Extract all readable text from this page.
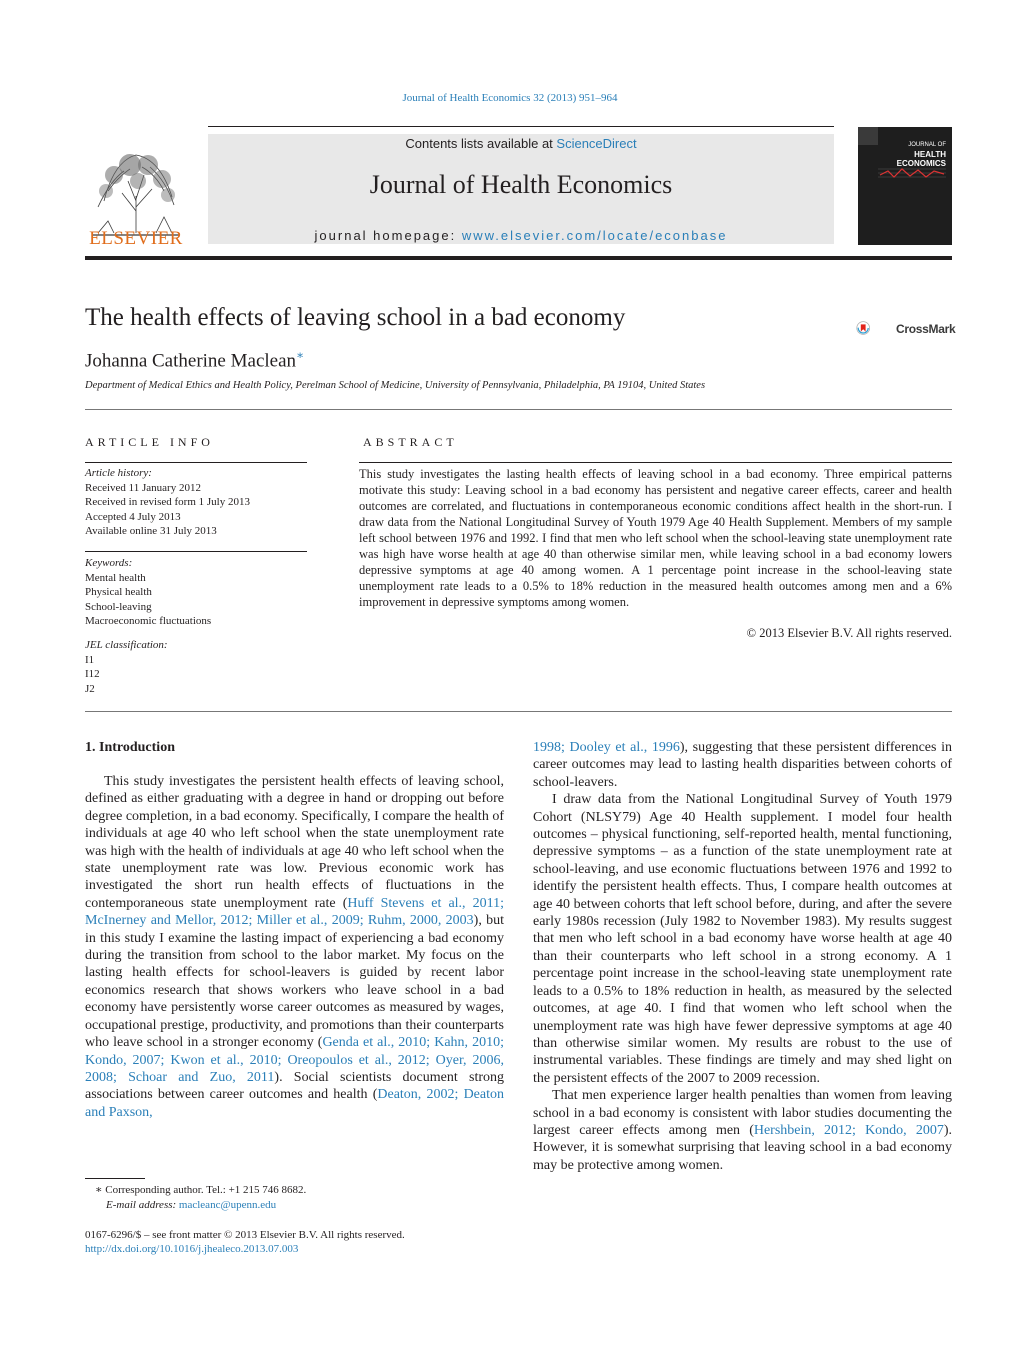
Journal of Health Economics 32 (2013) 951–964
ELSEVIER
Contents lists available at ScienceDirect
Journal of Health Economics
journal homepage: www.elsevier.com/locate/econbase
JOURNAL OF
HEALTH
ECONOMICS
The health effects of leaving school in a bad economy	CrossMark
Johanna Catherine Maclean∗
Department of Medical Ethics and Health Policy, Perelman School of Medicine, University of Pennsylvania, Philadelphia, PA 19104, United States
ARTICLE INFO
Article history:
Received 11 January 2012
Received in revised form 1 July 2013
Accepted 4 July 2013
Available online 31 July 2013
Keywords:
Mental health
Physical health
School-leaving
Macroeconomic fluctuations
JEL classification:
I1
I12
J2
ABSTRACT
This study investigates the lasting health effects of leaving school in a bad economy. Three empirical patterns motivate this study: Leaving school in a bad economy has persistent and negative career effects, career and health outcomes are correlated, and fluctuations in contemporaneous economic conditions affect health in the short-run. I draw data from the National Longitudinal Survey of Youth 1979 Age 40 Health Supplement. Members of my sample left school between 1976 and 1992. I find that men who left school when the school-leaving state unemployment rate was high have worse health at age 40 than otherwise similar men, while leaving school in a bad economy lowers depressive symptoms at age 40 among women. A 1 percentage point increase in the school-leaving state unemployment rate leads to a 0.5% to 18% reduction in the measured health outcomes among men and a 6% improvement in depressive symptoms among women.
© 2013 Elsevier B.V. All rights reserved.
1. Introduction

This study investigates the persistent health effects of leaving school, defined as either graduating with a degree in hand or dropping out before degree completion, in a bad economy. Specifically, I compare the health of individuals at age 40 who left school when the state unemployment rate was high with the health of individuals at age 40 who left school when the state unemployment rate was low. Previous economic work has investigated the short run health effects of fluctuations in the contemporaneous state unemployment rate (Huff Stevens et al., 2011; McInerney and Mellor, 2012; Miller et al., 2009; Ruhm, 2000, 2003), but in this study I examine the lasting impact of experiencing a bad economy during the transition from school to the labor market. My focus on the lasting health effects for school-leavers is guided by recent labor economics research that shows workers who leave school in a bad economy have persistently worse career outcomes as measured by wages, occupational prestige, productivity, and promotions than their counterparts who leave school in a stronger economy (Genda et al., 2010; Kahn, 2010; Kondo, 2007; Kwon et al., 2010; Oreopoulos et al., 2012; Oyer, 2006, 2008; Schoar and Zuo, 2011). Social scientists document strong associations between career outcomes and health (Deaton, 2002; Deaton and Paxson,

1998; Dooley et al., 1996), suggesting that these persistent differences in career outcomes may lead to lasting health disparities between cohorts of school-leavers.

I draw data from the National Longitudinal Survey of Youth 1979 Cohort (NLSY79) Age 40 Health supplement. I model four health outcomes – physical functioning, self-reported health, mental functioning, depressive symptoms – as a function of the state unemployment rate at school-leaving, and use economic fluctuations between 1976 and 1992 to identify the persistent health effects. Thus, I compare health outcomes at age 40 between cohorts that left school before, during, and after the severe early 1980s recession (July 1982 to November 1983). My results suggest that men who left school in a bad economy have worse health at age 40 than their counterparts who left school in a strong economy. A 1 percentage point increase in the school-leaving state unemployment rate leads to a 0.5% to 18% reduction in health, as measured by the selected outcomes, at age 40. I find that women who left school when the unemployment rate was high have fewer depressive symptoms at age 40 than otherwise similar women. My results are robust to the use of instrumental variables. These findings are timely and may shed light on the persistent effects of the 2007 to 2009 recession.

That men experience larger health penalties than women from leaving school in a bad economy is consistent with labor studies documenting the largest career effects among men (Hershbein, 2012; Kondo, 2007). However, it is somewhat surprising that leaving school in a bad economy may be protective among women.

∗ Corresponding author. Tel.: +1 215 746 8682.
E-mail address: macleanc@upenn.edu
0167-6296/$ – see front matter © 2013 Elsevier B.V. All rights reserved.
http://dx.doi.org/10.1016/j.jhealeco.2013.07.003
